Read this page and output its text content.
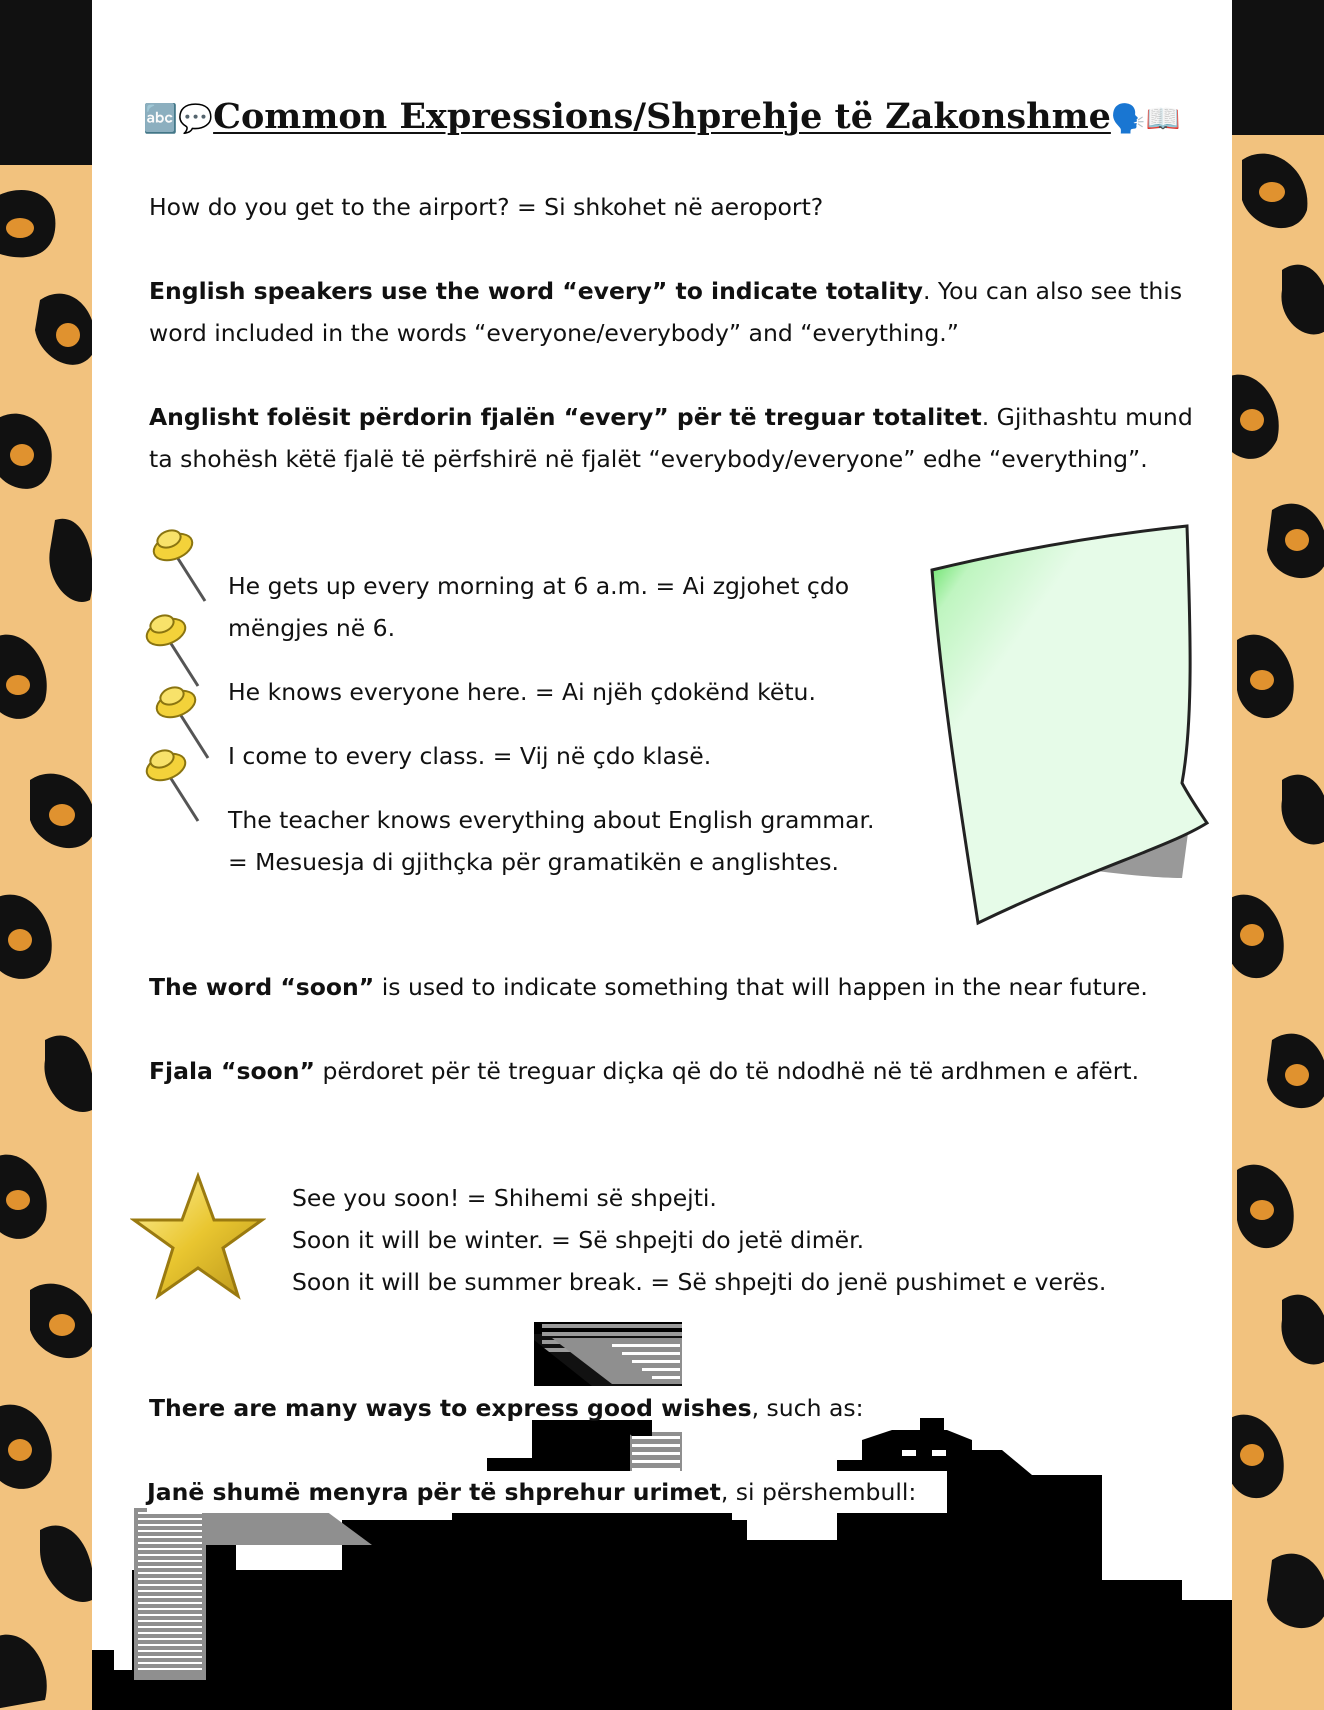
🔤💬Common Expressions/Shprehje të Zakonshme🗣️📖
How do you get to the airport? = Si shkohet në aeroport?
English speakers use the word “every” to indicate totality. You can also see this word included in the words “everyone/everybody” and “everything.”
Anglisht folësit përdorin fjalën “every” për të treguar totalitet. Gjithashtu mund ta shohësh këtë fjalë të përfshirë në fjalët “everybody/everyone” edhe “everything”.
He gets up every morning at 6 a.m. = Ai zgjohet çdo
mëngjes në 6.
He knows everyone here. = Ai njëh çdokënd këtu.
I come to every class. = Vij në çdo klasë.
The teacher knows everything about English grammar.
= Mesuesja di gjithçka për gramatikën e anglishtes.
The word “soon” is used to indicate something that will happen in the near future.
Fjala “soon” përdoret për të treguar diçka që do të ndodhë në të ardhmen e afërt.
See you soon! = Shihemi së shpejti.
Soon it will be winter. = Së shpejti do jetë dimër.
Soon it will be summer break. = Së shpejti do jenë pushimet e verës.
There are many ways to express good wishes, such as:
Janë shumë menyra për të shprehur urimet, si përshembull:
